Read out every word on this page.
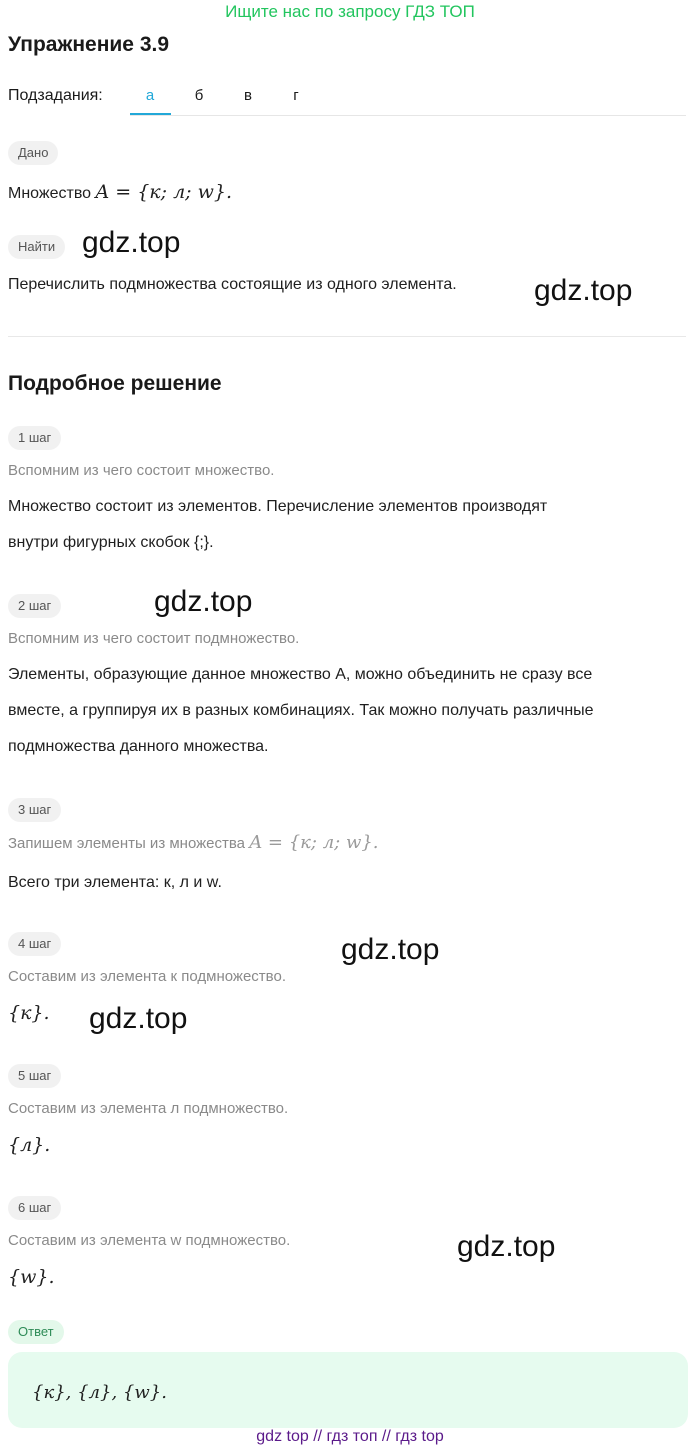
Ищите нас по запросу ГДЗ ТОП
Упражнение 3.9
Подзадания:	а	б	в	г
Дано
Множество A = {к; л; w}.
Найти gdz.top
Перечислить подмножества состоящие из одного элемента.	gdz.top
Подробное решение
1 шаг
Вспомним из чего состоит множество.
Множество состоит из элементов. Перечисление элементов производят
внутри фигурных скобок {;}.
2 шаг	gdz.top
Вспомним из чего состоит подмножество.
Элементы, образующие данное множество А, можно объединить не сразу все
вместе, а группируя их в разных комбинациях. Так можно получать различные
подмножества данного множества.
3 шаг
Запишем элементы из множества A = {к; л; w}.
Всего три элемента: к, л и w.
4 шаг	gdz.top
Составим из элемента к подмножество.
{к}. gdz.top
5 шаг
Составим из элемента л подмножество.
{л}.
6 шаг
gdz.top
Составим из элемента w подмножество.
{w}.
Ответ
{к}, {л}, {w}.
gdz top // гдз топ // гдз top
